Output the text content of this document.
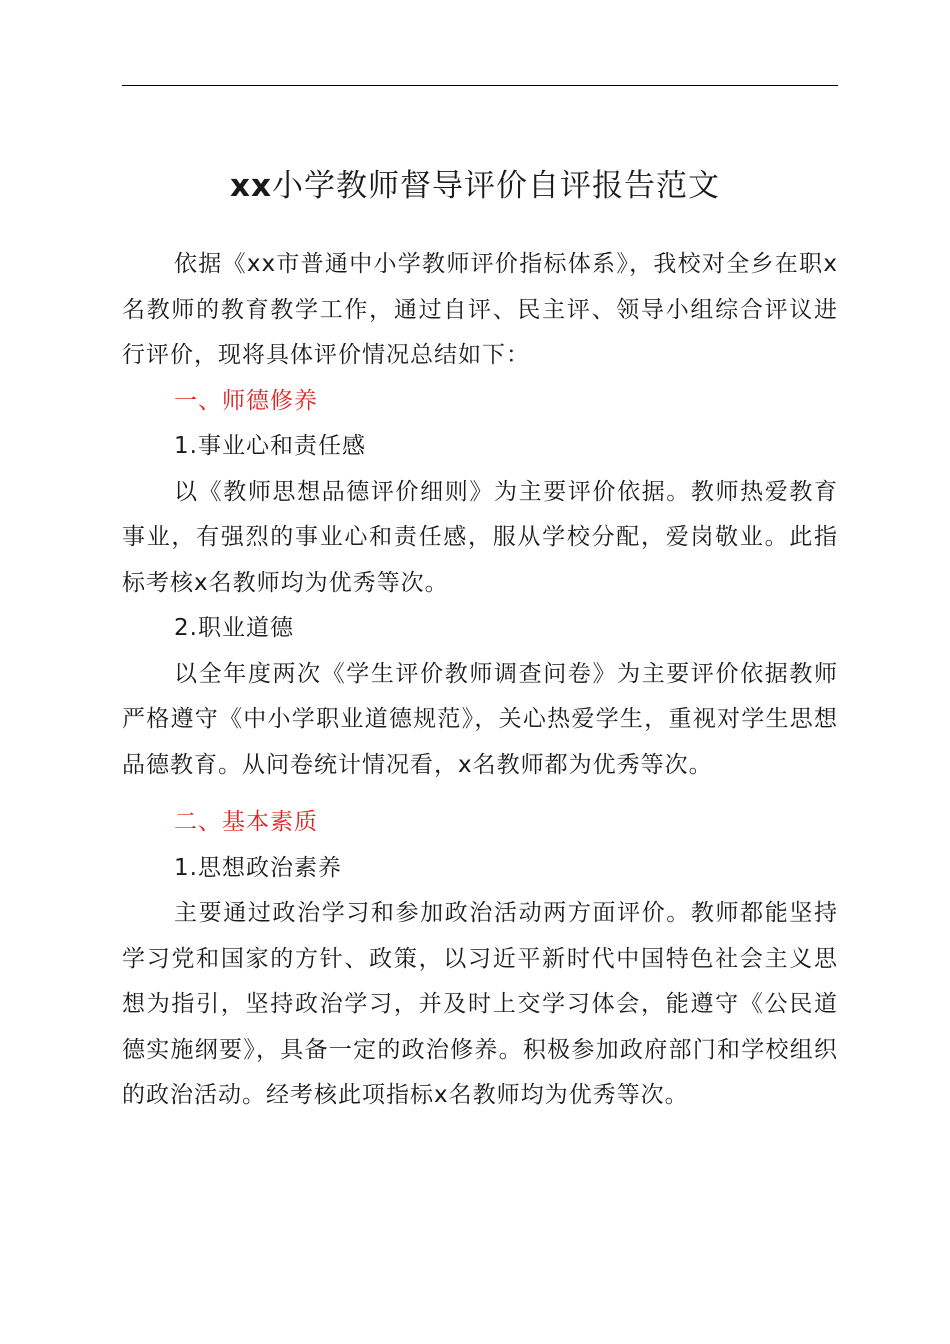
xx小学教师督导评价自评报告范文

依据《xx市普通中小学教师评价指标体系》，我校对全乡在职x名教师的教育教学工作，通过自评、民主评、领导小组综合评议进行评价，现将具体评价情况总结如下：

一、师德修养

1.事业心和责任感

以《教师思想品德评价细则》为主要评价依据。教师热爱教育事业，有强烈的事业心和责任感，服从学校分配，爱岗敬业。此指标考核x名教师均为优秀等次。

2.职业道德

以全年度两次《学生评价教师调查问卷》为主要评价依据教师严格遵守《中小学职业道德规范》，关心热爱学生，重视对学生思想品德教育。从问卷统计情况看，x名教师都为优秀等次。

二、基本素质

1.思想政治素养

主要通过政治学习和参加政治活动两方面评价。教师都能坚持学习党和国家的方针、政策，以习近平新时代中国特色社会主义思想为指引，坚持政治学习，并及时上交学习体会，能遵守《公民道德实施纲要》，具备一定的政治修养。积极参加政府部门和学校组织的政治活动。经考核此项指标x名教师均为优秀等次。
